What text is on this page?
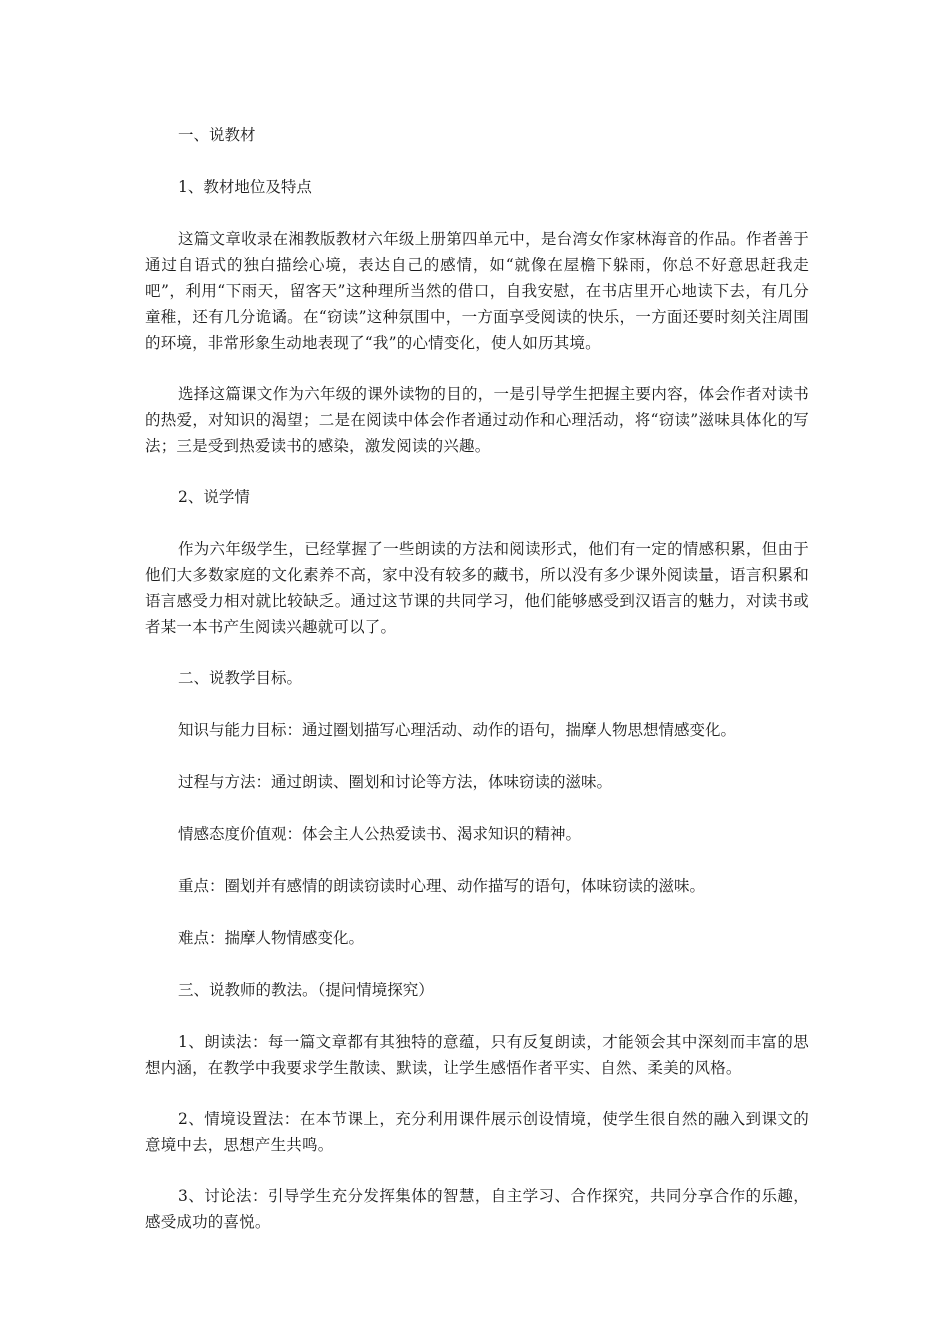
一、说教材

1、教材地位及特点

这篇文章收录在湘教版教材六年级上册第四单元中，是台湾女作家林海音的作品。作者善于通过自语式的独白描绘心境，表达自己的感情，如“就像在屋檐下躲雨，你总不好意思赶我走吧”，利用“下雨天，留客天”这种理所当然的借口，自我安慰，在书店里开心地读下去，有几分童稚，还有几分诡谲。在“窃读”这种氛围中，一方面享受阅读的快乐，一方面还要时刻关注周围的环境，非常形象生动地表现了“我”的心情变化，使人如历其境。

选择这篇课文作为六年级的课外读物的目的，一是引导学生把握主要内容，体会作者对读书的热爱，对知识的渴望；二是在阅读中体会作者通过动作和心理活动，将“窃读”滋味具体化的写法；三是受到热爱读书的感染，激发阅读的兴趣。

2、说学情

作为六年级学生，已经掌握了一些朗读的方法和阅读形式，他们有一定的情感积累，但由于他们大多数家庭的文化素养不高，家中没有较多的藏书，所以没有多少课外阅读量，语言积累和语言感受力相对就比较缺乏。通过这节课的共同学习，他们能够感受到汉语言的魅力，对读书或者某一本书产生阅读兴趣就可以了。

二、说教学目标。

知识与能力目标：通过圈划描写心理活动、动作的语句，揣摩人物思想情感变化。

过程与方法：通过朗读、圈划和讨论等方法，体味窃读的滋味。

情感态度价值观：体会主人公热爱读书、渴求知识的精神。

重点：圈划并有感情的朗读窃读时心理、动作描写的语句，体味窃读的滋味。

难点：揣摩人物情感变化。

三、说教师的教法。（提问情境探究）

1、朗读法：每一篇文章都有其独特的意蕴，只有反复朗读，才能领会其中深刻而丰富的思想内涵，在教学中我要求学生散读、默读，让学生感悟作者平实、自然、柔美的风格。

2、情境设置法：在本节课上，充分利用课件展示创设情境，使学生很自然的融入到课文的意境中去，思想产生共鸣。

3、讨论法：引导学生充分发挥集体的智慧，自主学习、合作探究，共同分享合作的乐趣，感受成功的喜悦。
